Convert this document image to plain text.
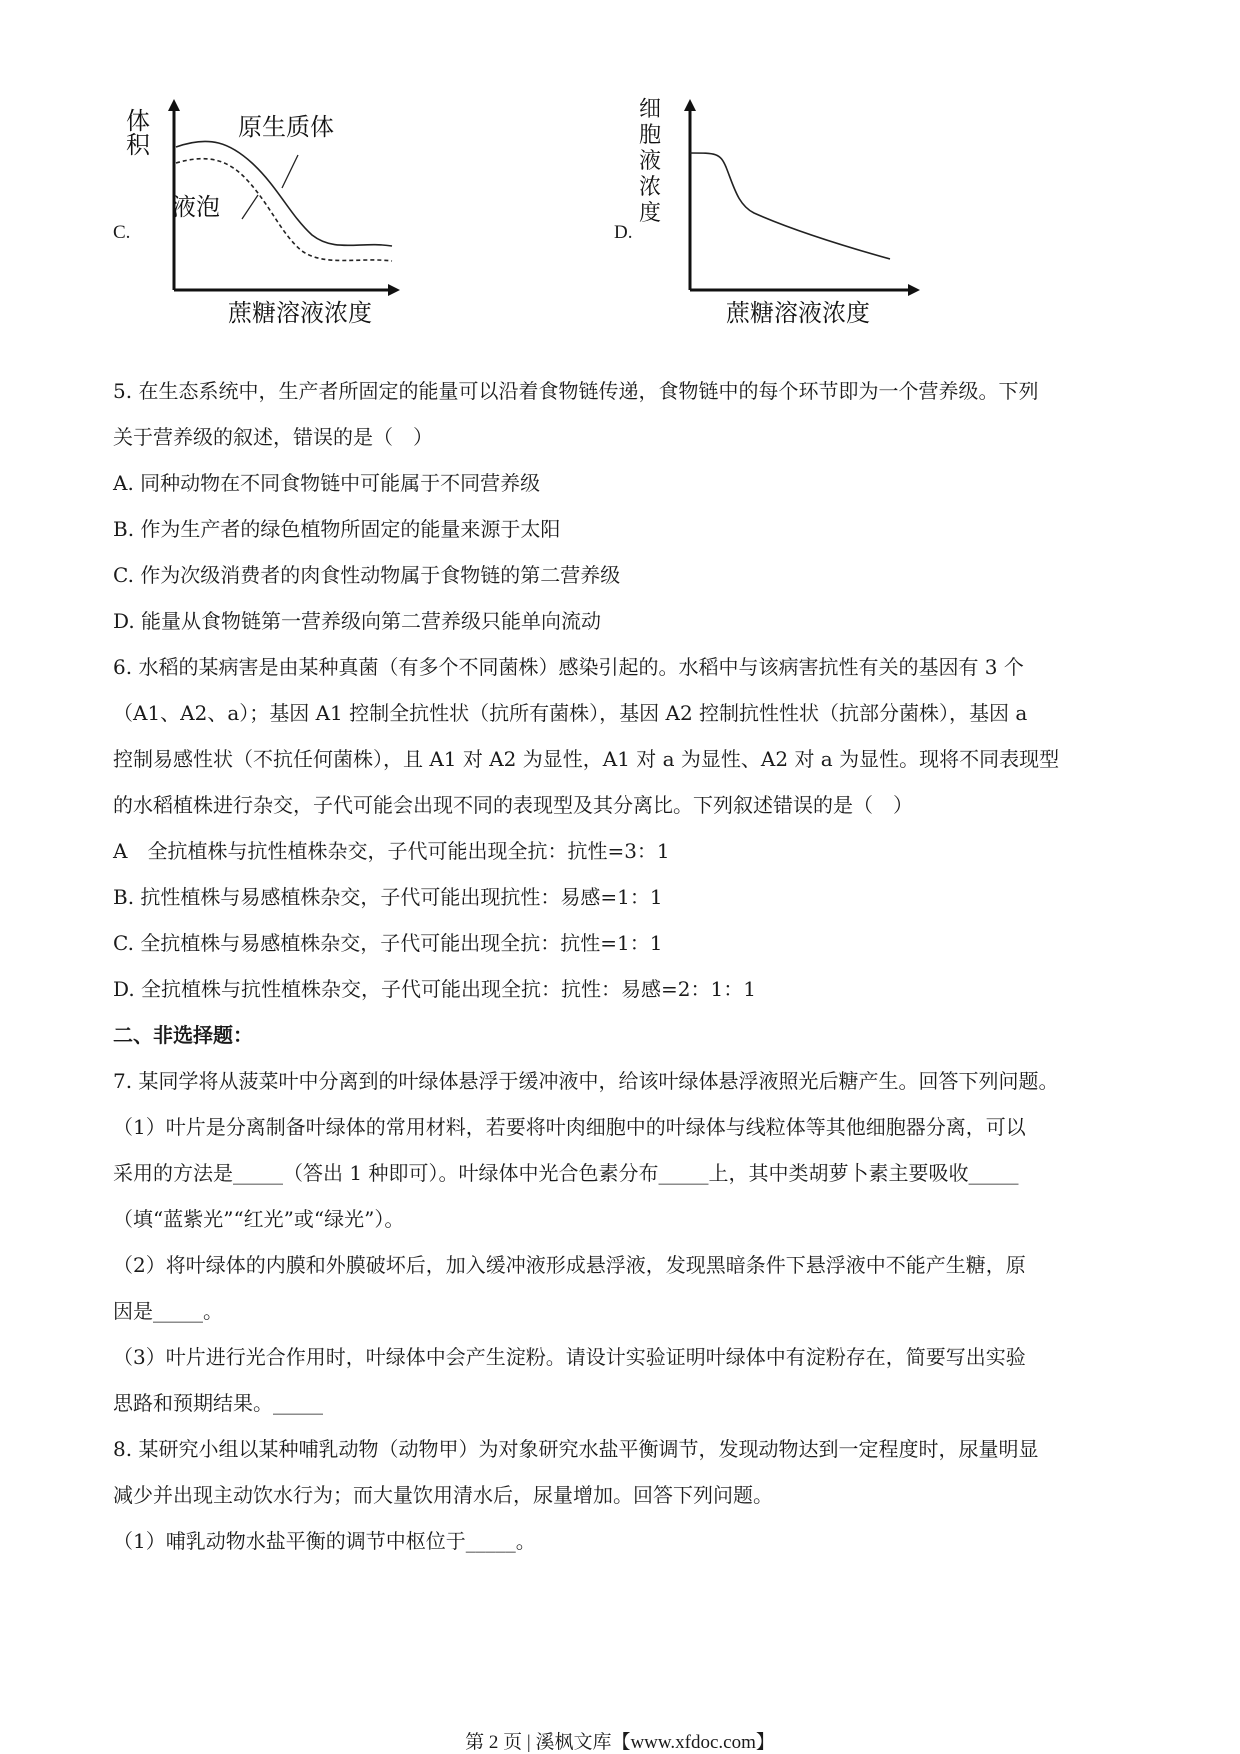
C.
体积
原生质体
液泡
蔗糖溶液浓度
D.
蔗糖溶液浓度
细
胞
液
浓
度
5. 在生态系统中，生产者所固定的能量可以沿着食物链传递，食物链中的每个环节即为一个营养级。下列
关于营养级的叙述，错误的是（　）
A. 同种动物在不同食物链中可能属于不同营养级
B. 作为生产者的绿色植物所固定的能量来源于太阳
C. 作为次级消费者的肉食性动物属于食物链的第二营养级
D. 能量从食物链第一营养级向第二营养级只能单向流动
6. 水稻的某病害是由某种真菌（有多个不同菌株）感染引起的。水稻中与该病害抗性有关的基因有 3 个
（A1、A2、a）；基因 A1 控制全抗性状（抗所有菌株），基因 A2 控制抗性性状（抗部分菌株），基因 a
控制易感性状（不抗任何菌株），且 A1 对 A2 为显性，A1 对 a 为显性、A2 对 a 为显性。现将不同表现型
的水稻植株进行杂交，子代可能会出现不同的表现型及其分离比。下列叙述错误的是（　）
A　全抗植株与抗性植株杂交，子代可能出现全抗：抗性=3：1
B. 抗性植株与易感植株杂交，子代可能出现抗性：易感=1：1
C. 全抗植株与易感植株杂交，子代可能出现全抗：抗性=1：1
D. 全抗植株与抗性植株杂交，子代可能出现全抗：抗性：易感=2：1：1
二、非选择题：
7. 某同学将从菠菜叶中分离到的叶绿体悬浮于缓冲液中，给该叶绿体悬浮液照光后糖产生。回答下列问题。
（1）叶片是分离制备叶绿体的常用材料，若要将叶肉细胞中的叶绿体与线粒体等其他细胞器分离，可以
采用的方法是_____（答出 1 种即可）。叶绿体中光合色素分布_____上，其中类胡萝卜素主要吸收_____
（填“蓝紫光”“红光”或“绿光”）。
（2）将叶绿体的内膜和外膜破坏后，加入缓冲液形成悬浮液，发现黑暗条件下悬浮液中不能产生糖，原
因是_____。
（3）叶片进行光合作用时，叶绿体中会产生淀粉。请设计实验证明叶绿体中有淀粉存在，简要写出实验
思路和预期结果。_____
8. 某研究小组以某种哺乳动物（动物甲）为对象研究水盐平衡调节，发现动物达到一定程度时，尿量明显
减少并出现主动饮水行为；而大量饮用清水后，尿量增加。回答下列问题。
（1）哺乳动物水盐平衡的调节中枢位于_____。
第 2 页 | 溪枫文库【www.xfdoc.com】
